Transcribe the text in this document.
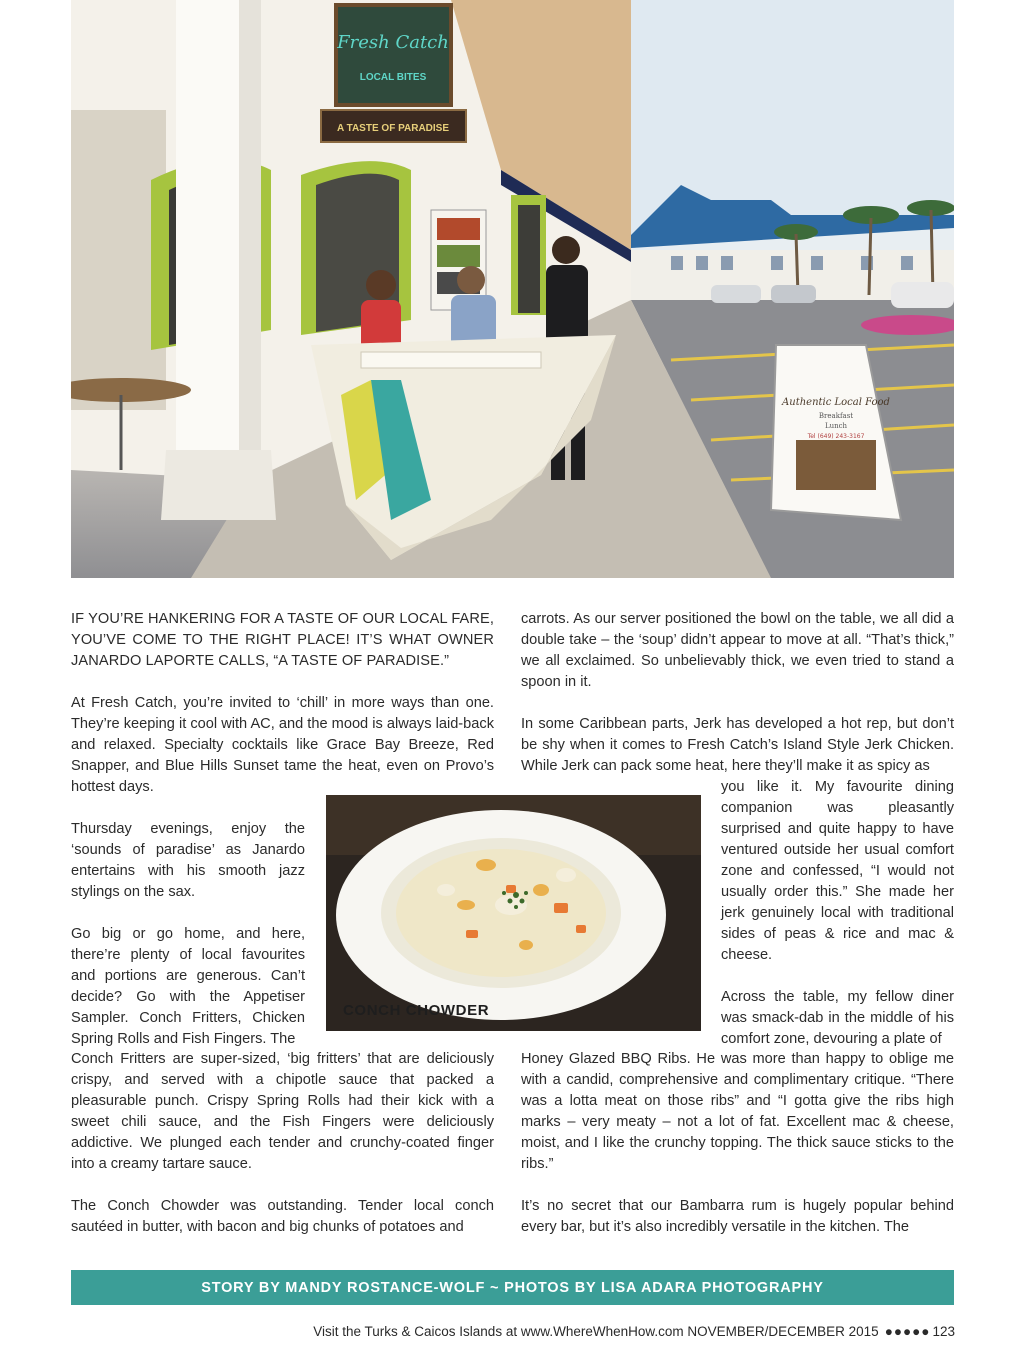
Fresh Catch
LOCAL BITES
A TASTE OF PARADISE
Authentic Local Food
Breakfast
Lunch
Tel (649) 243-3167

IF YOU’RE HANKERING FOR A TASTE OF OUR LOCAL FARE, YOU’VE COME TO THE RIGHT PLACE! IT’S WHAT OWNER JANARDO LAPORTE CALLS, “A TASTE OF PARADISE.”

At Fresh Catch, you’re invited to ‘chill’ in more ways than one. They’re keeping it cool with AC, and the mood is always laid-back and relaxed. Specialty cocktails like Grace Bay Breeze, Red Snapper, and Blue Hills Sunset tame the heat, even on Provo’s hottest days.

Thursday evenings, enjoy the ‘sounds of paradise’ as Janardo entertains with his smooth jazz stylings on the sax.

Go big or go home, and here, there’re plenty of local favourites and portions are generous. Can’t decide? Go with the Appetiser Sampler. Conch Fritters, Chicken Spring Rolls and Fish Fingers. The

Conch Fritters are super-sized, ‘big fritters’ that are deliciously crispy, and served with a chipotle sauce that packed a pleasurable punch. Crispy Spring Rolls had their kick with a sweet chili sauce, and the Fish Fingers were deliciously addictive. We plunged each tender and crunchy-coated finger into a creamy tartare sauce.

The Conch Chowder was outstanding. Tender local conch sautéed in butter, with bacon and big chunks of potatoes and

carrots. As our server positioned the bowl on the table, we all did a double take – the ‘soup’ didn’t appear to move at all. “That’s thick,” we all exclaimed. So unbelievably thick, we even tried to stand a spoon in it.

In some Caribbean parts, Jerk has developed a hot rep, but don’t be shy when it comes to Fresh Catch’s Island Style Jerk Chicken. While Jerk can pack some heat, here they’ll make it as spicy as

you like it. My favourite dining companion was pleasantly surprised and quite happy to have ventured outside her usual comfort zone and confessed, “I would not usually order this.” She made her jerk genuinely local with traditional sides of peas & rice and mac & cheese.

Across the table, my fellow diner was smack-dab in the middle of his comfort zone, devouring a plate of

Honey Glazed BBQ Ribs. He was more than happy to oblige me with a candid, comprehensive and complimentary critique. “There was a lotta meat on those ribs” and “I gotta give the ribs high marks – very meaty – not a lot of fat. Excellent mac & cheese, moist, and I like the crunchy topping. The thick sauce sticks to the ribs.”

It’s no secret that our Bambarra rum is hugely popular behind every bar, but it’s also incredibly versatile in the kitchen. The

CONCH CHOWDER
STORY BY MANDY ROSTANCE-WOLF ~ PHOTOS BY LISA ADARA PHOTOGRAPHY
Visit the Turks & Caicos Islands at www.WhereWhenHow.com NOVEMBER/DECEMBER 2015 ●●●●● 123
